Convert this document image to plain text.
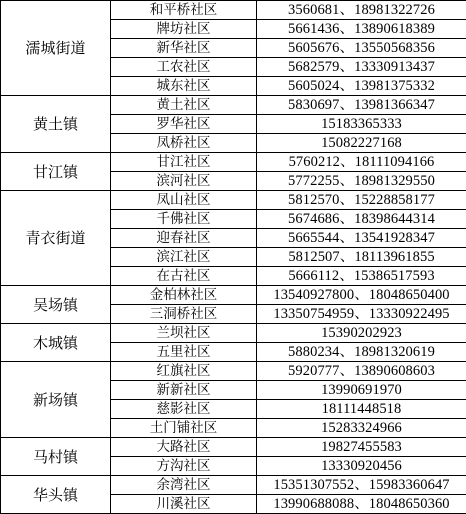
濡城街道	和平桥社区	3560681、18981322726
	牌坊社区	5661436、13890618389
	新华社区	5605676、13550568356
	工农社区	5682579、13330913437
	城东社区	5605024、13981375332
黄土镇	黄土社区	5830697、13981366347
	罗华社区	15183365333
	凤桥社区	15082227168
甘江镇	甘江社区	5760212、18111094166
	滨河社区	5772255、18981329550
青衣街道	凤山社区	5812570、15228858177
	千佛社区	5674686、18398644314
	迎春社区	5665544、13541928347
	滨江社区	5812507、18113961855
	在古社区	5666112、15386517593
吴场镇	金柏林社区	13540927800、18048650400
	三洞桥社区	13350754959、13330922495
木城镇	兰坝社区	15390202923
	五里社区	5880234、18981320619
新场镇	红旗社区	5920777、13890608603
	新新社区	13990691970
	慈影社区	18111448518
	土门铺社区	15283324966
马村镇	大路社区	19827455583
	方沟社区	13330920456
华头镇	余湾社区	15351307552、15983360647
	川溪社区	13990688088、18048650360
